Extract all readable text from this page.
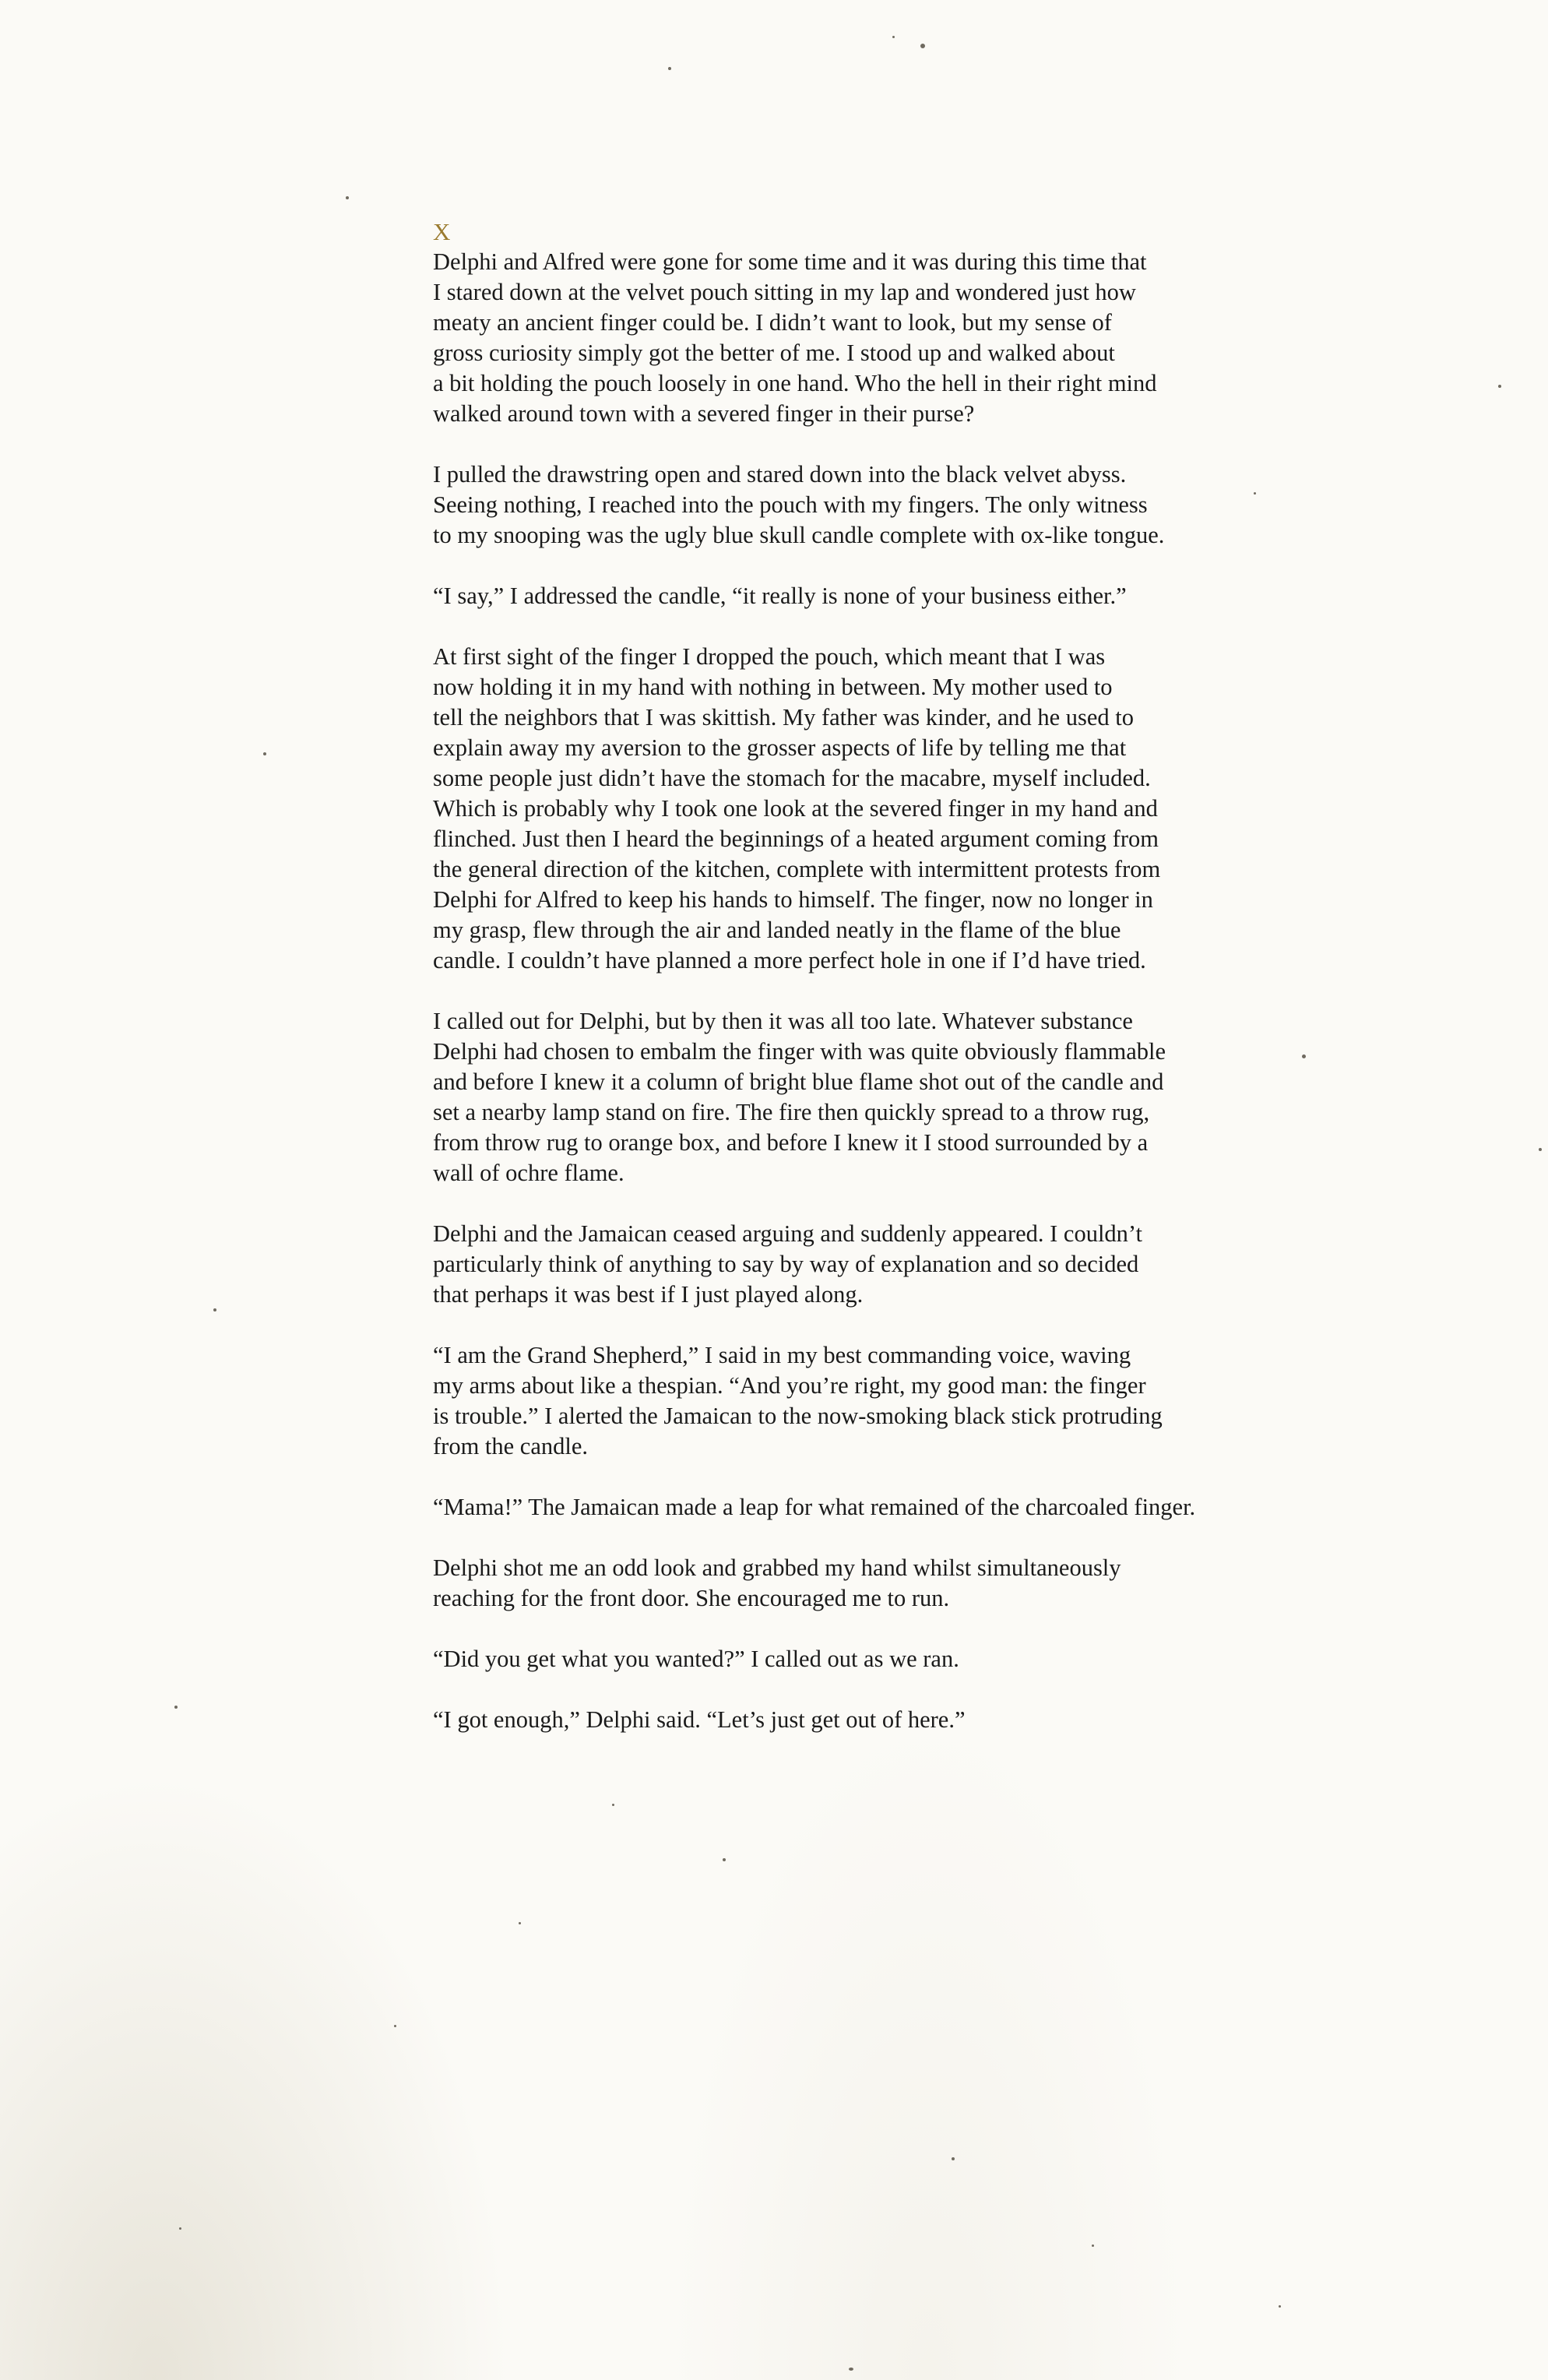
X

Delphi and Alfred were gone for some time and it was during this time that
I stared down at the velvet pouch sitting in my lap and wondered just how
meaty an ancient finger could be. I didn’t want to look, but my sense of
gross curiosity simply got the better of me. I stood up and walked about
a bit holding the pouch loosely in one hand. Who the hell in their right mind
walked around town with a severed finger in their purse?

I pulled the drawstring open and stared down into the black velvet abyss.
Seeing nothing, I reached into the pouch with my fingers. The only witness
to my snooping was the ugly blue skull candle complete with ox-like tongue.

“I say,” I addressed the candle, “it really is none of your business either.”

At first sight of the finger I dropped the pouch, which meant that I was
now holding it in my hand with nothing in between. My mother used to
tell the neighbors that I was skittish. My father was kinder, and he used to
explain away my aversion to the grosser aspects of life by telling me that
some people just didn’t have the stomach for the macabre, myself included.
Which is probably why I took one look at the severed finger in my hand and
flinched. Just then I heard the beginnings of a heated argument coming from
the general direction of the kitchen, complete with intermittent protests from
Delphi for Alfred to keep his hands to himself. The finger, now no longer in
my grasp, flew through the air and landed neatly in the flame of the blue
candle. I couldn’t have planned a more perfect hole in one if I’d have tried.

I called out for Delphi, but by then it was all too late. Whatever substance
Delphi had chosen to embalm the finger with was quite obviously flammable
and before I knew it a column of bright blue flame shot out of the candle and
set a nearby lamp stand on fire. The fire then quickly spread to a throw rug,
from throw rug to orange box, and before I knew it I stood surrounded by a
wall of ochre flame.

Delphi and the Jamaican ceased arguing and suddenly appeared. I couldn’t
particularly think of anything to say by way of explanation and so decided
that perhaps it was best if I just played along.

“I am the Grand Shepherd,” I said in my best commanding voice, waving
my arms about like a thespian. “And you’re right, my good man: the finger
is trouble.” I alerted the Jamaican to the now-smoking black stick protruding
from the candle.

“Mama!” The Jamaican made a leap for what remained of the charcoaled finger.

Delphi shot me an odd look and grabbed my hand whilst simultaneously
reaching for the front door. She encouraged me to run.

“Did you get what you wanted?” I called out as we ran.

“I got enough,” Delphi said. “Let’s just get out of here.”
